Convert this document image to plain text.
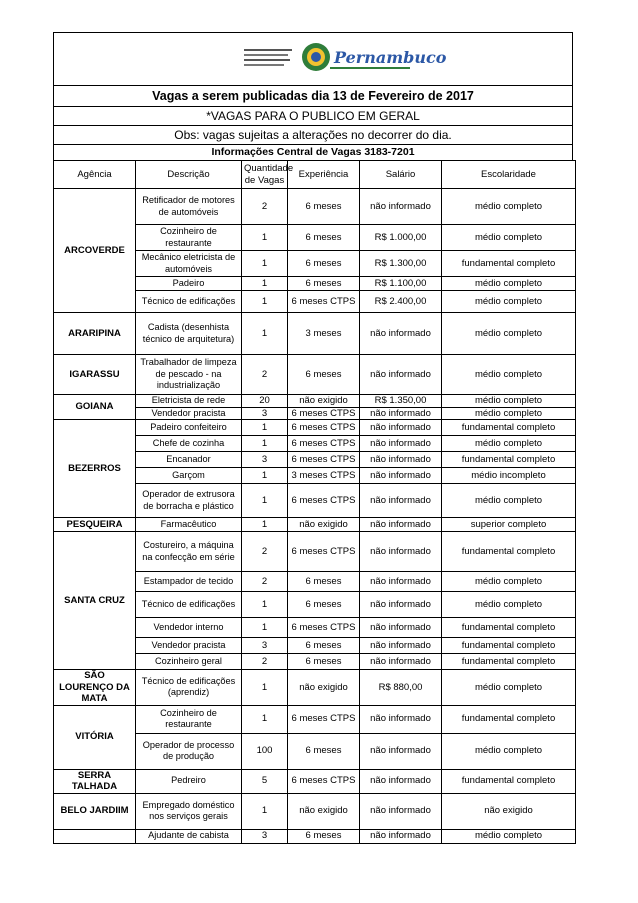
Pernambuco
Vagas a serem publicadas dia 13 de Fevereiro de 2017
*VAGAS PARA O PUBLICO EM GERAL
Obs: vagas sujeitas a alterações no decorrer do dia.
Informações Central de Vagas 3183-7201
Agência	Descrição	Quantidade de Vagas	Experiência	Salário	Escolaridade
ARCOVERDE	Retificador de motores de automóveis	2	6 meses	não informado	médio completo
	Cozinheiro de restaurante	1	6 meses	R$ 1.000,00	médio completo
	Mecânico eletricista de automóveis	1	6 meses	R$ 1.300,00	fundamental completo
	Padeiro	1	6 meses	R$ 1.100,00	médio completo
	Técnico de edificações	1	6 meses CTPS	R$ 2.400,00	médio completo
ARARIPINA	Cadista (desenhista técnico de arquitetura)	1	3 meses	não informado	médio completo
IGARASSU	Trabalhador de limpeza de pescado - na industrialização	2	6 meses	não informado	médio completo
GOIANA	Eletricista de rede	20	não exigido	R$ 1.350,00	médio completo
	Vendedor pracista	3	6 meses CTPS	não informado	médio completo
BEZERROS	Padeiro confeiteiro	1	6 meses CTPS	não informado	fundamental completo
	Chefe de cozinha	1	6 meses CTPS	não informado	médio completo
	Encanador	3	6 meses CTPS	não informado	fundamental completo
	Garçom	1	3 meses CTPS	não informado	médio incompleto
	Operador de extrusora de borracha e plástico	1	6 meses CTPS	não informado	médio completo
PESQUEIRA	Farmacêutico	1	não exigido	não informado	superior completo
SANTA CRUZ	Costureiro, a máquina na confecção em série	2	6 meses CTPS	não informado	fundamental completo
	Estampador de tecido	2	6 meses	não informado	médio completo
	Técnico de edificações	1	6 meses	não informado	médio completo
	Vendedor interno	1	6 meses CTPS	não informado	fundamental completo
	Vendedor pracista	3	6 meses	não informado	fundamental completo
	Cozinheiro geral	2	6 meses	não informado	fundamental completo
SÃO LOURENÇO DA MATA	Técnico de edificações (aprendiz)	1	não exigido	R$ 880,00	médio completo
VITÓRIA	Cozinheiro de restaurante	1	6 meses CTPS	não informado	fundamental completo
	Operador de processo de produção	100	6 meses	não informado	médio completo
SERRA TALHADA	Pedreiro	5	6 meses CTPS	não informado	fundamental completo
BELO JARDIIM	Empregado doméstico nos serviços gerais	1	não exigido	não informado	não exigido
	Ajudante de cabista	3	6 meses	não informado	médio completo
